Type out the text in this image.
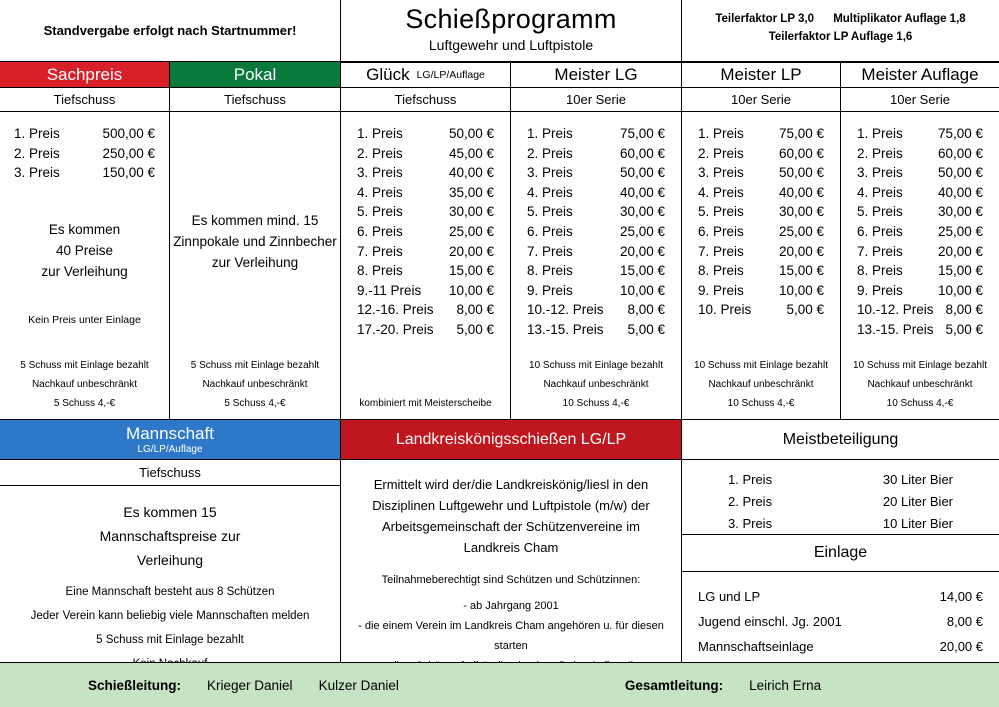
Standvergabe erfolgt nach Startnummer!	Schießprogramm
Luftgewehr und Luftpistole
Teilerfaktor LP 3,0 Multiplikator Auflage 1,8
Teilerfaktor LP Auflage 1,6
Sachpreis	Pokal	Glück LG/LP/Auflage	Meister LG	Meister LP	Meister Auflage
Tiefschuss	Tiefschuss	Tiefschuss	10er Serie	10er Serie	10er Serie
1. Preis	500,00 €
2. Preis	250,00 €
3. Preis	150,00 €
Es kommen
40 Preise
zur Verleihung
Kein Preis unter Einlage
5 Schuss mit Einlage bezahlt
Nachkauf unbeschränkt
5 Schuss 4,-€
Es kommen mind. 15
Zinnpokale und Zinnbecher
zur Verleihung
5 Schuss mit Einlage bezahlt
Nachkauf unbeschränkt
5 Schuss 4,-€
1. Preis	50,00 €
2. Preis	45,00 €
3. Preis	40,00 €
4. Preis	35,00 €
5. Preis	30,00 €
6. Preis	25,00 €
7. Preis	20,00 €
8. Preis	15,00 €
9.-11 Preis 10,00 €
12.-16. Preis 8,00 €
17.-20. Preis 5,00 €
kombiniert mit Meisterscheibe
1. Preis	75,00 €
2. Preis	60,00 €
3. Preis	50,00 €
4. Preis	40,00 €
5. Preis	30,00 €
6. Preis	25,00 €
7. Preis	20,00 €
8. Preis	15,00 €
9. Preis	10,00 €
10.-12. Preis 8,00 €
13.-15. Preis 5,00 €
10 Schuss mit Einlage bezahlt
Nachkauf unbeschränkt
10 Schuss 4,-€
1. Preis	75,00 €
2. Preis	60,00 €
3. Preis	50,00 €
4. Preis	40,00 €
5. Preis	30,00 €
6. Preis	25,00 €
7. Preis	20,00 €
8. Preis	15,00 €
9. Preis	10,00 €
10. Preis	5,00 €
10 Schuss mit Einlage bezahlt
Nachkauf unbeschränkt
10 Schuss 4,-€
1. Preis	75,00 €
2. Preis	60,00 €
3. Preis	50,00 €
4. Preis	40,00 €
5. Preis	30,00 €
6. Preis	25,00 €
7. Preis	20,00 €
8. Preis	15,00 €
9. Preis	10,00 €
10.-12. Preis 8,00 €
13.-15. Preis 5,00 €
10 Schuss mit Einlage bezahlt
Nachkauf unbeschränkt
10 Schuss 4,-€
Mannschaft
LG/LP/Auflage
Landkreiskönigsschießen LG/LP	Meistbeteiligung
Tiefschuss
Es kommen 15
Mannschaftspreise zur
Verleihung
Eine Mannschaft besteht aus 8 Schützen
Jeder Verein kann beliebig viele Mannschaften melden
5 Schuss mit Einlage bezahlt
Ermittelt wird der/die Landkreiskönig/liesl in den Disziplinen Luftgewehr und Luftpistole (m/w) der Arbeitsgemeinschaft der Schützenvereine im Landkreis Cham
Teilnahmeberechtigt sind Schützen und Schützinnen:
- ab Jahrgang 2001
- die einem Verein im Landkreis Cham angehören u. für diesen starten
1. Preis	30 Liter Bier
2. Preis	20 Liter Bier
3. Preis	10 Liter Bier
Einlage
LG und LP	14,00 €
Jugend einschl. Jg. 2001	8,00 €
Mannschaftseinlage	20,00 €
Schießleitung: Krieger Daniel Kulzer Daniel	Gesamtleitung: Leirich Erna
